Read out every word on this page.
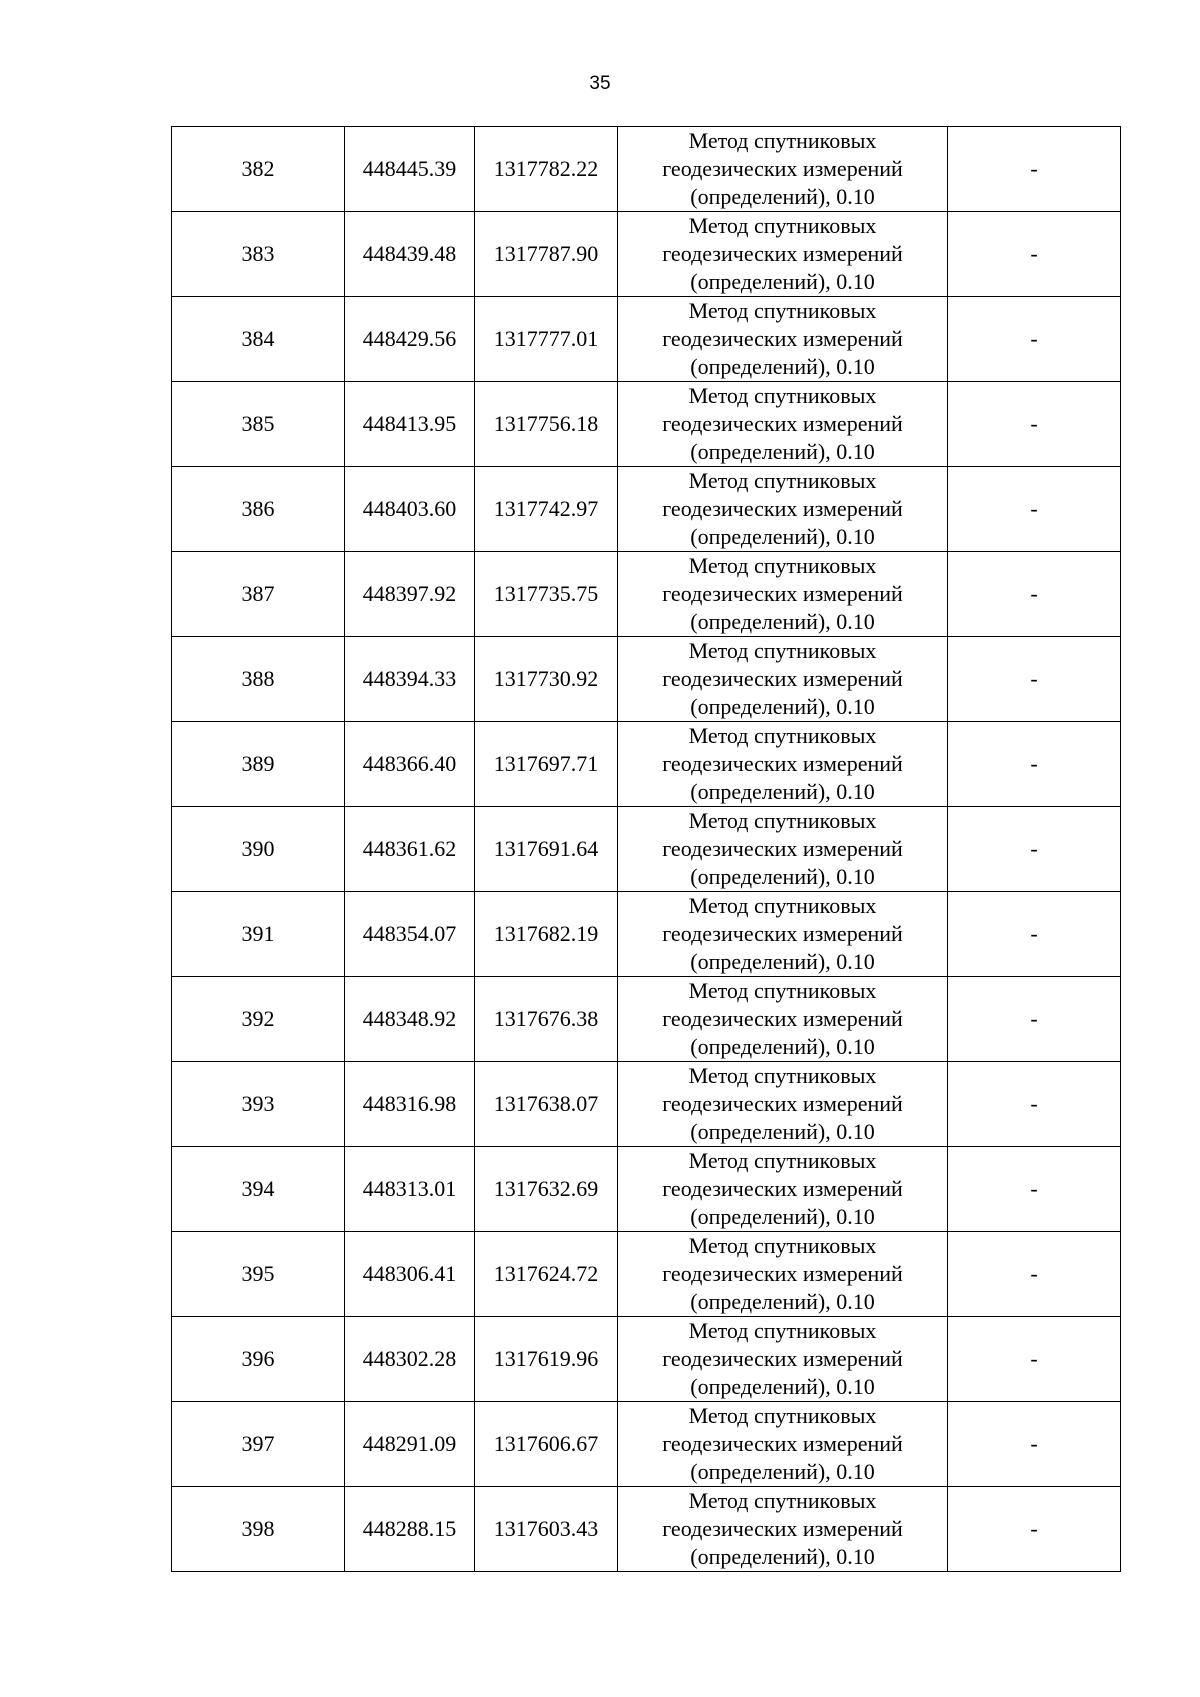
35
382	448445.39	1317782.22	Метод спутниковых
геодезических измерений
(определений), 0.10	-
383	448439.48	1317787.90	Метод спутниковых
геодезических измерений
(определений), 0.10	-
384	448429.56	1317777.01	Метод спутниковых
геодезических измерений
(определений), 0.10	-
385	448413.95	1317756.18	Метод спутниковых
геодезических измерений
(определений), 0.10	-
386	448403.60	1317742.97	Метод спутниковых
геодезических измерений
(определений), 0.10	-
387	448397.92	1317735.75	Метод спутниковых
геодезических измерений
(определений), 0.10	-
388	448394.33	1317730.92	Метод спутниковых
геодезических измерений
(определений), 0.10	-
389	448366.40	1317697.71	Метод спутниковых
геодезических измерений
(определений), 0.10	-
390	448361.62	1317691.64	Метод спутниковых
геодезических измерений
(определений), 0.10	-
391	448354.07	1317682.19	Метод спутниковых
геодезических измерений
(определений), 0.10	-
392	448348.92	1317676.38	Метод спутниковых
геодезических измерений
(определений), 0.10	-
393	448316.98	1317638.07	Метод спутниковых
геодезических измерений
(определений), 0.10	-
394	448313.01	1317632.69	Метод спутниковых
геодезических измерений
(определений), 0.10	-
395	448306.41	1317624.72	Метод спутниковых
геодезических измерений
(определений), 0.10	-
396	448302.28	1317619.96	Метод спутниковых
геодезических измерений
(определений), 0.10	-
397	448291.09	1317606.67	Метод спутниковых
геодезических измерений
(определений), 0.10	-
398	448288.15	1317603.43	Метод спутниковых
геодезических измерений
(определений), 0.10	-
